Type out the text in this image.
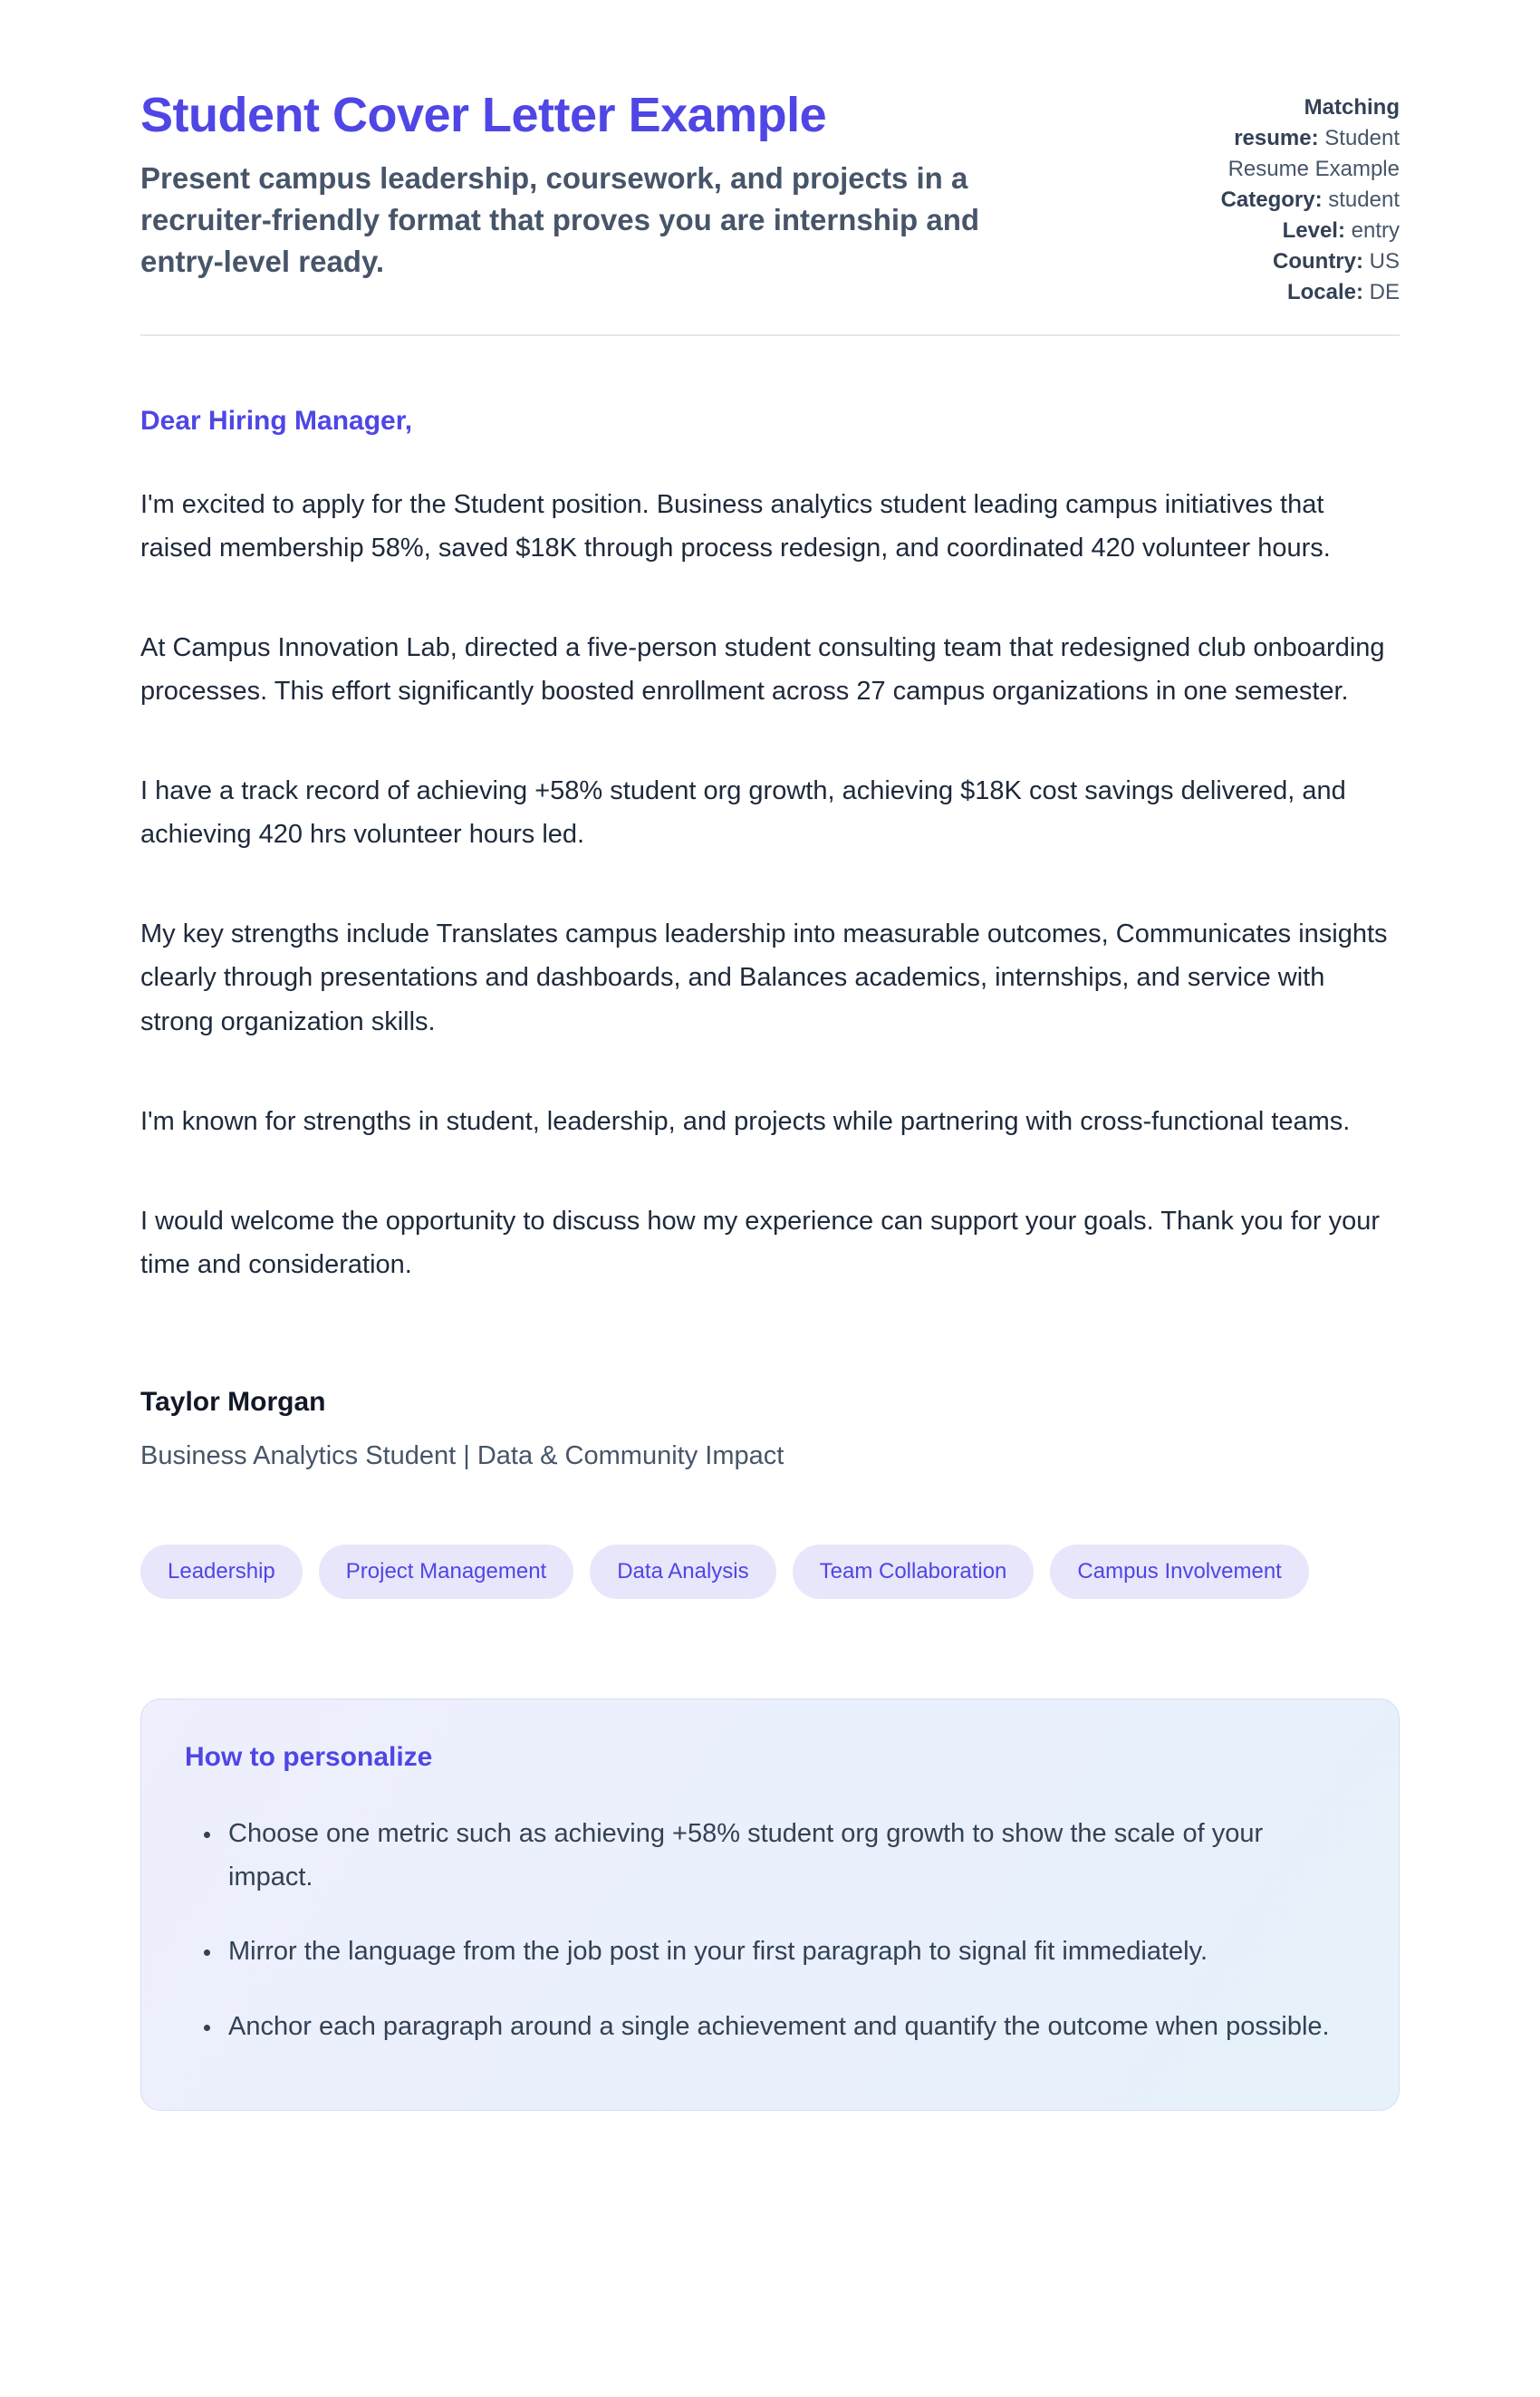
Student Cover Letter Example

Present campus leadership, coursework, and projects in a recruiter-friendly format that proves you are internship and entry-level ready.

Matching resume: Student Resume Example
Category: student
Level: entry
Country: US
Locale: DE

Dear Hiring Manager,

I'm excited to apply for the Student position. Business analytics student leading campus initiatives that raised membership 58%, saved $18K through process redesign, and coordinated 420 volunteer hours.

At Campus Innovation Lab, directed a five-person student consulting team that redesigned club onboarding processes. This effort significantly boosted enrollment across 27 campus organizations in one semester.

I have a track record of achieving +58% student org growth, achieving $18K cost savings delivered, and achieving 420 hrs volunteer hours led.

My key strengths include Translates campus leadership into measurable outcomes, Communicates insights clearly through presentations and dashboards, and Balances academics, internships, and service with strong organization skills.

I'm known for strengths in student, leadership, and projects while partnering with cross-functional teams.

I would welcome the opportunity to discuss how my experience can support your goals. Thank you for your time and consideration.

Taylor Morgan

Business Analytics Student | Data & Community Impact

Leadership	Project Management	Data Analysis	Team Collaboration	Campus Involvement
How to personalize
• Choose one metric such as achieving +58% student org growth to show the scale of your impact.
• Mirror the language from the job post in your first paragraph to signal fit immediately.
• Anchor each paragraph around a single achievement and quantify the outcome when possible.
